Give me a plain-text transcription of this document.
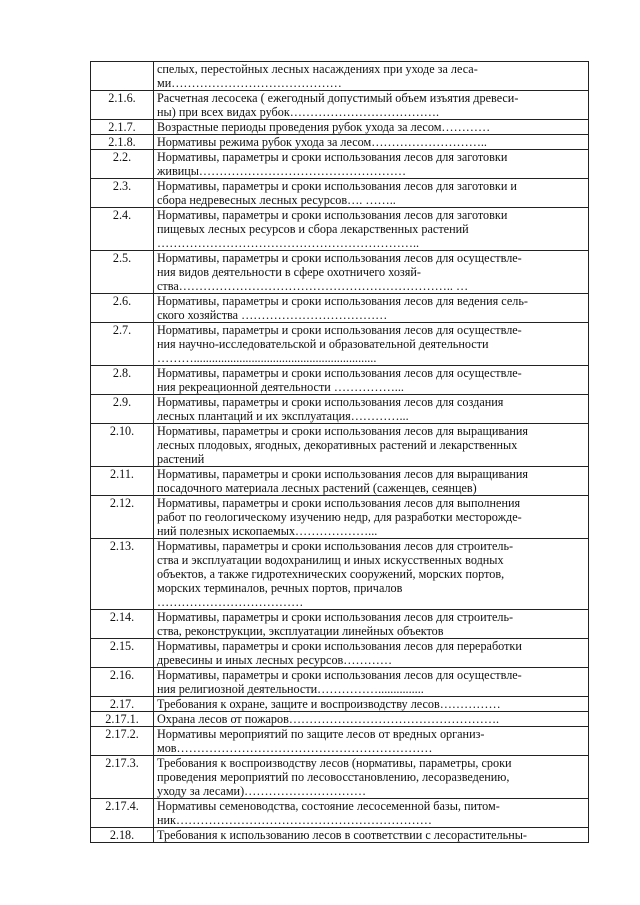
	спелых, перестойных лесных насаждениях при уходе за леса-
ми……………………………………

2.1.6.	Расчетная лесосека ( ежегодный допустимый объем изъятия древеси-
ны) при всех видах рубок……………………………….

2.1.7.	Возрастные периоды проведения рубок ухода за лесом…………

2.1.8.	Нормативы режима рубок ухода за лесом………………………..

2.2.	Нормативы, параметры и сроки использования лесов для заготовки
живицы……………………………………………

2.3.	Нормативы, параметры и сроки использования лесов для заготовки и
сбора недревесных лесных ресурсов…. ……..

2.4.	Нормативы, параметры и сроки использования лесов для заготовки
пищевых лесных ресурсов и сбора лекарственных растений
………………………………………………………..

2.5.	Нормативы, параметры и сроки использования лесов для осуществле-
ния видов деятельности в сфере охотничего хозяй-
ства………………………………………………………….. …

2.6.	Нормативы, параметры и сроки использования лесов для ведения сель-
ского хозяйства ………………………………

2.7.	Нормативы, параметры и сроки использования лесов для осуществле-
ния научно-исследовательской и образовательной деятельности
………............................................................

2.8.	Нормативы, параметры и сроки использования лесов для осуществле-
ния рекреационной деятельности ……………...

2.9.	Нормативы, параметры и сроки использования лесов для создания
лесных плантаций и их эксплуатация…………...

2.10.	Нормативы, параметры и сроки использования лесов для выращивания
лесных плодовых, ягодных, декоративных растений и лекарственных
растений

2.11.	Нормативы, параметры и сроки использования лесов для выращивания
посадочного материала лесных растений (саженцев, сеянцев)

2.12.	Нормативы, параметры и сроки использования лесов для выполнения
работ по геологическому изучению недр, для разработки месторожде-
ний полезных ископаемых………………...

2.13.	Нормативы, параметры и сроки использования лесов для строитель-
ства и эксплуатации водохранилищ и иных искусственных водных
объектов, а также гидротехнических сооружений, морских портов,
морских терминалов, речных портов, причалов
………………………………

2.14.	Нормативы, параметры и сроки использования лесов для строитель-
ства, реконструкции, эксплуатации линейных объектов

2.15.	Нормативы, параметры и сроки использования лесов для переработки
древесины и иных лесных ресурсов…………

2.16.	Нормативы, параметры и сроки использования лесов для осуществле-
ния религиозной деятельности……………...............

2.17.	Требования к охране, защите и воспроизводству лесов……………

2.17.1.	Охрана лесов от пожаров…………………………………………….

2.17.2.	Нормативы мероприятий по защите лесов от вредных организ-
мов………………………………………………………

2.17.3.	Требования к воспроизводству лесов (нормативы, параметры, сроки
проведения мероприятий по лесовосстановлению, лесоразведению,
уходу за лесами)…………………………

2.17.4.	Нормативы семеноводства, состояние лесосеменной базы, питом-
ник………………………………………………………

2.18.	Требования к использованию лесов в соответствии с лесорастительны-
